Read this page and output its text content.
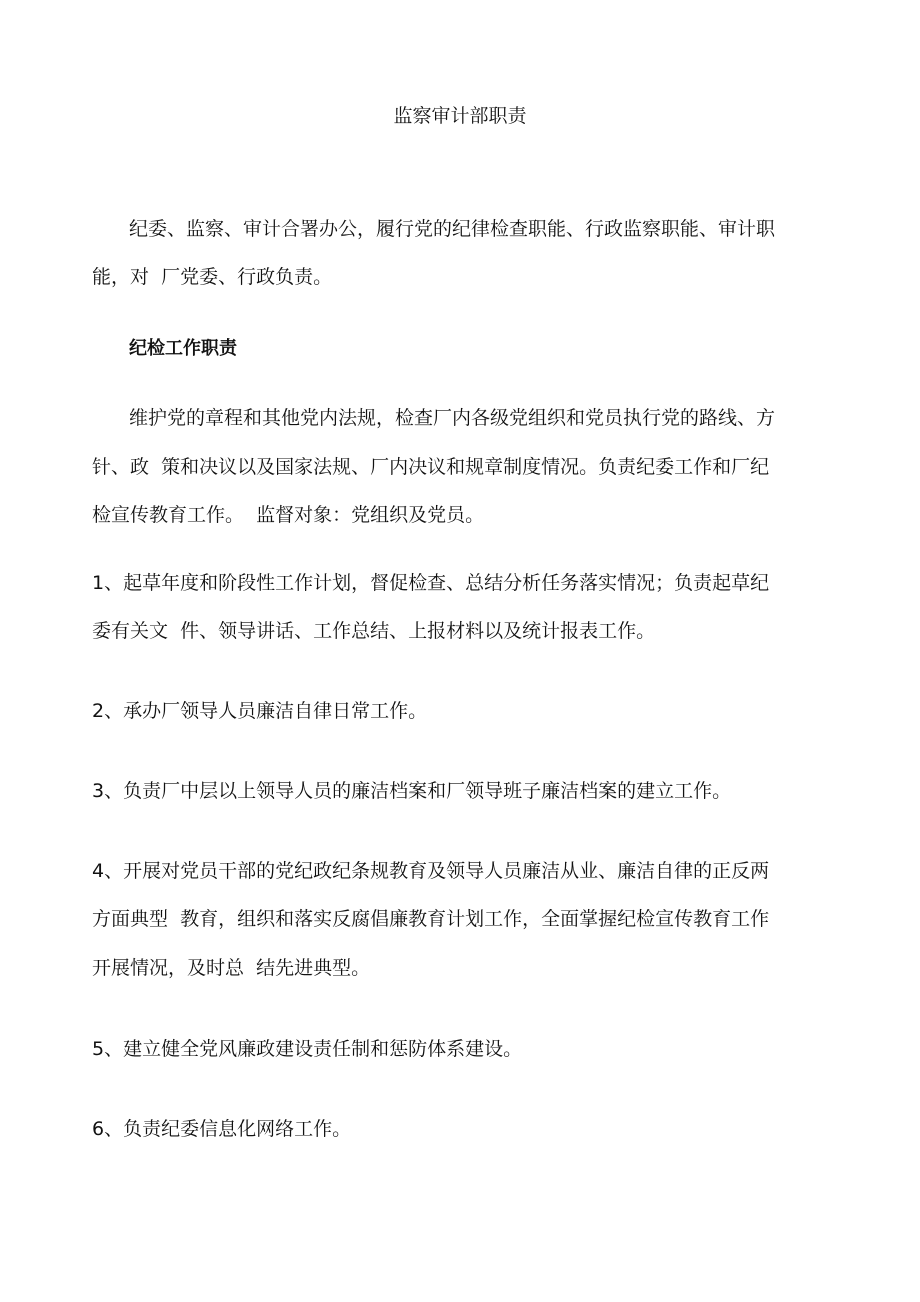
监察审计部职责

纪委、监察、审计合署办公，履行党的纪律检查职能、行政监察职能、审计职

能，对  厂党委、行政负责。

纪检工作职责

维护党的章程和其他党内法规，检查厂内各级党组织和党员执行党的路线、方

针、政  策和决议以及国家法规、厂内决议和规章制度情况。负责纪委工作和厂纪

检宣传教育工作。  监督对象：党组织及党员。

1、起草年度和阶段性工作计划，督促检查、总结分析任务落实情况；负责起草纪

委有关文  件、领导讲话、工作总结、上报材料以及统计报表工作。

2、承办厂领导人员廉洁自律日常工作。

3、负责厂中层以上领导人员的廉洁档案和厂领导班子廉洁档案的建立工作。

4、开展对党员干部的党纪政纪条规教育及领导人员廉洁从业、廉洁自律的正反两

方面典型  教育，组织和落实反腐倡廉教育计划工作，全面掌握纪检宣传教育工作

开展情况，及时总  结先进典型。

5、建立健全党风廉政建设责任制和惩防体系建设。

6、负责纪委信息化网络工作。
